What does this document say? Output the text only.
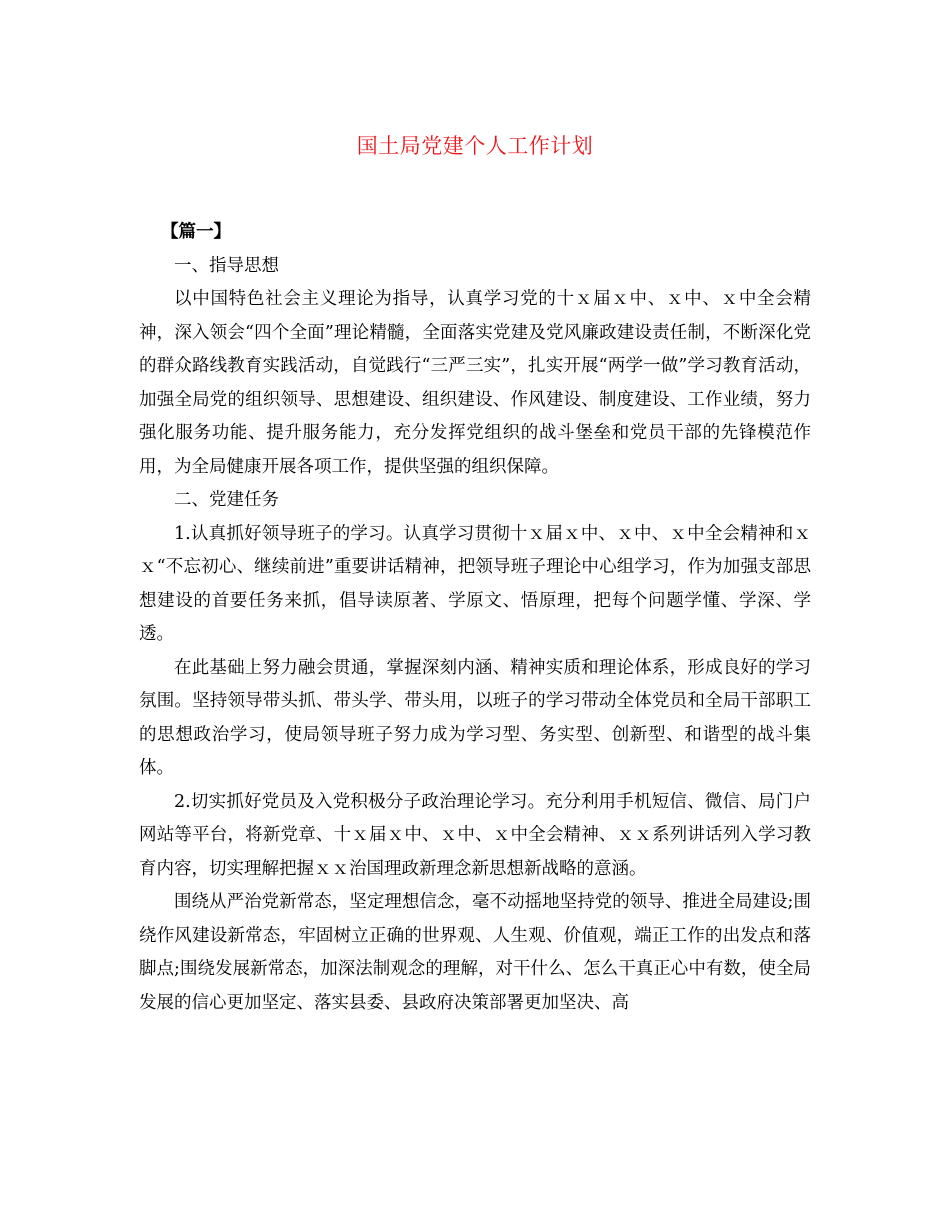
国土局党建个人工作计划

【篇一】

一、指导思想

以中国特色社会主义理论为指导，认真学习党的十ｘ届ｘ中、ｘ中、ｘ中全会精神，深入领会“四个全面”理论精髓，全面落实党建及党风廉政建设责任制，不断深化党的群众路线教育实践活动，自觉践行“三严三实”，扎实开展“两学一做”学习教育活动，加强全局党的组织领导、思想建设、组织建设、作风建设、制度建设、工作业绩，努力强化服务功能、提升服务能力，充分发挥党组织的战斗堡垒和党员干部的先锋模范作用，为全局健康开展各项工作，提供坚强的组织保障。

二、党建任务

1.认真抓好领导班子的学习。认真学习贯彻十ｘ届ｘ中、ｘ中、ｘ中全会精神和ｘｘ“不忘初心、继续前进”重要讲话精神，把领导班子理论中心组学习，作为加强支部思想建设的首要任务来抓，倡导读原著、学原文、悟原理，把每个问题学懂、学深、学透。

在此基础上努力融会贯通，掌握深刻内涵、精神实质和理论体系，形成良好的学习氛围。坚持领导带头抓、带头学、带头用，以班子的学习带动全体党员和全局干部职工的思想政治学习，使局领导班子努力成为学习型、务实型、创新型、和谐型的战斗集体。

2.切实抓好党员及入党积极分子政治理论学习。充分利用手机短信、微信、局门户网站等平台，将新党章、十ｘ届ｘ中、ｘ中、ｘ中全会精神、ｘｘ系列讲话列入学习教育内容，切实理解把握ｘｘ治国理政新理念新思想新战略的意涵。

围绕从严治党新常态，坚定理想信念，毫不动摇地坚持党的领导、推进全局建设;围绕作风建设新常态，牢固树立正确的世界观、人生观、价值观，端正工作的出发点和落脚点;围绕发展新常态，加深法制观念的理解，对干什么、怎么干真正心中有数，使全局发展的信心更加坚定、落实县委、县政府决策部署更加坚决、高
